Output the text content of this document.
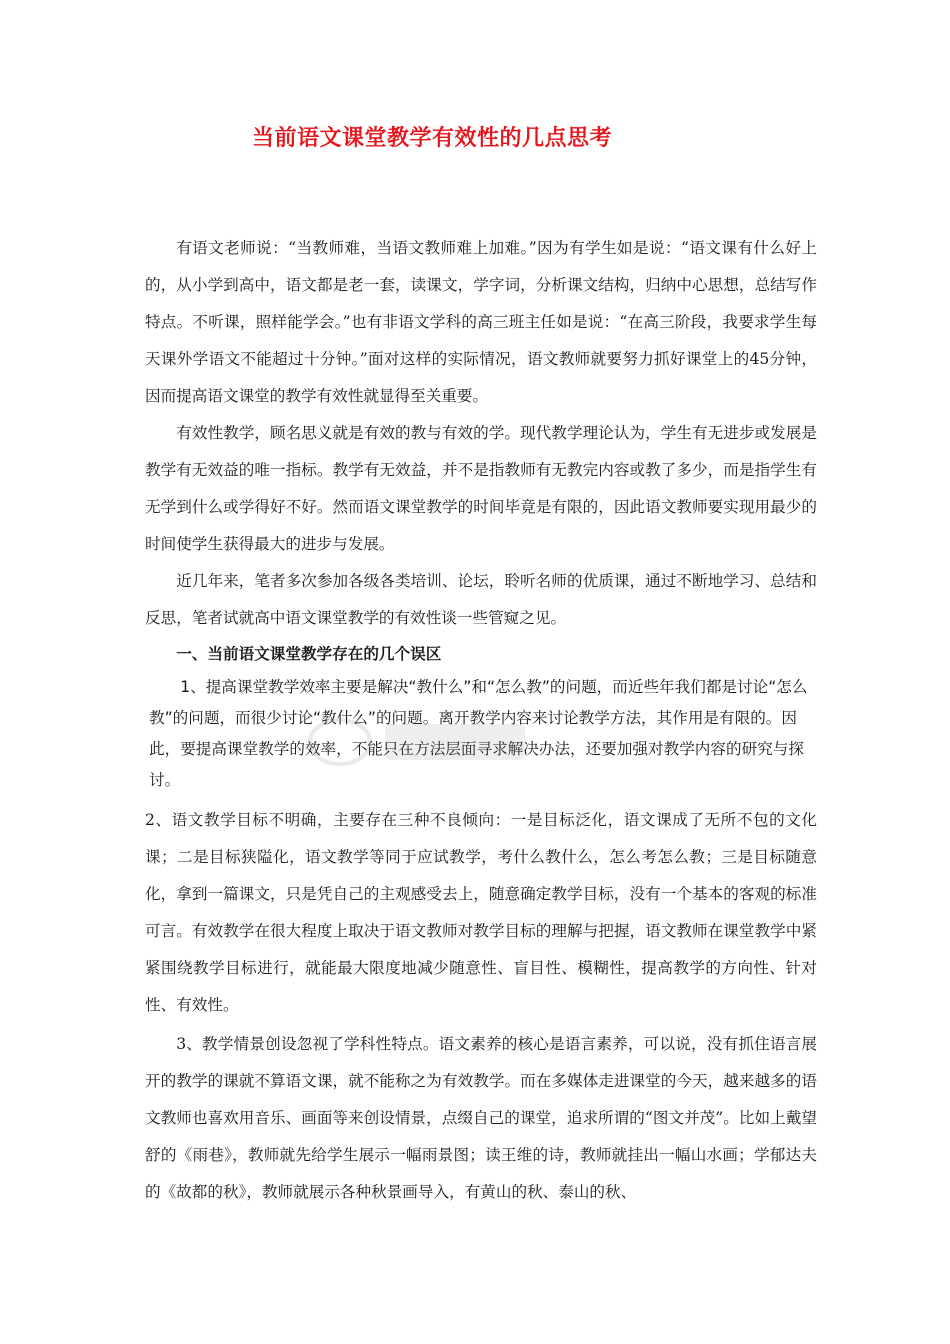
当前语文课堂教学有效性的几点思考

有语文老师说：“当教师难，当语文教师难上加难。”因为有学生如是说：“语文课有什么好上的，从小学到高中，语文都是老一套，读课文，学字词，分析课文结构，归纳中心思想，总结写作特点。不听课，照样能学会。”也有非语文学科的高三班主任如是说：“在高三阶段，我要求学生每天课外学语文不能超过十分钟。”面对这样的实际情况，语文教师就要努力抓好课堂上的45分钟，因而提高语文课堂的教学有效性就显得至关重要。

有效性教学，顾名思义就是有效的教与有效的学。现代教学理论认为，学生有无进步或发展是教学有无效益的唯一指标。教学有无效益，并不是指教师有无教完内容或教了多少，而是指学生有无学到什么或学得好不好。然而语文课堂教学的时间毕竟是有限的，因此语文教师要实现用最少的时间使学生获得最大的进步与发展。

近几年来，笔者多次参加各级各类培训、论坛，聆听名师的优质课，通过不断地学习、总结和反思，笔者试就高中语文课堂教学的有效性谈一些管窥之见。

一、当前语文课堂教学存在的几个误区

1、提高课堂教学效率主要是解决“教什么”和“怎么教”的问题，而近些年我们都是讨论“怎么教”的问题，而很少讨论“教什么”的问题。离开教学内容来讨论教学方法，其作用是有限的。因此，要提高课堂教学的效率，不能只在方法层面寻求解决办法，还要加强对教学内容的研究与探讨。

2、语文教学目标不明确，主要存在三种不良倾向：一是目标泛化，语文课成了无所不包的文化课；二是目标狭隘化，语文教学等同于应试教学，考什么教什么，怎么考怎么教；三是目标随意化，拿到一篇课文，只是凭自己的主观感受去上，随意确定教学目标，没有一个基本的客观的标准可言。有效教学在很大程度上取决于语文教师对教学目标的理解与把握，语文教师在课堂教学中紧紧围绕教学目标进行，就能最大限度地减少随意性、盲目性、模糊性，提高教学的方向性、针对性、有效性。

3、教学情景创设忽视了学科性特点。语文素养的核心是语言素养，可以说，没有抓住语言展开的教学的课就不算语文课，就不能称之为有效教学。而在多媒体走进课堂的今天，越来越多的语文教师也喜欢用音乐、画面等来创设情景，点缀自己的课堂，追求所谓的“图文并茂”。比如上戴望舒的《雨巷》，教师就先给学生展示一幅雨景图；读王维的诗，教师就挂出一幅山水画；学郁达夫的《故都的秋》，教师就展示各种秋景画导入，有黄山的秋、泰山的秋、
